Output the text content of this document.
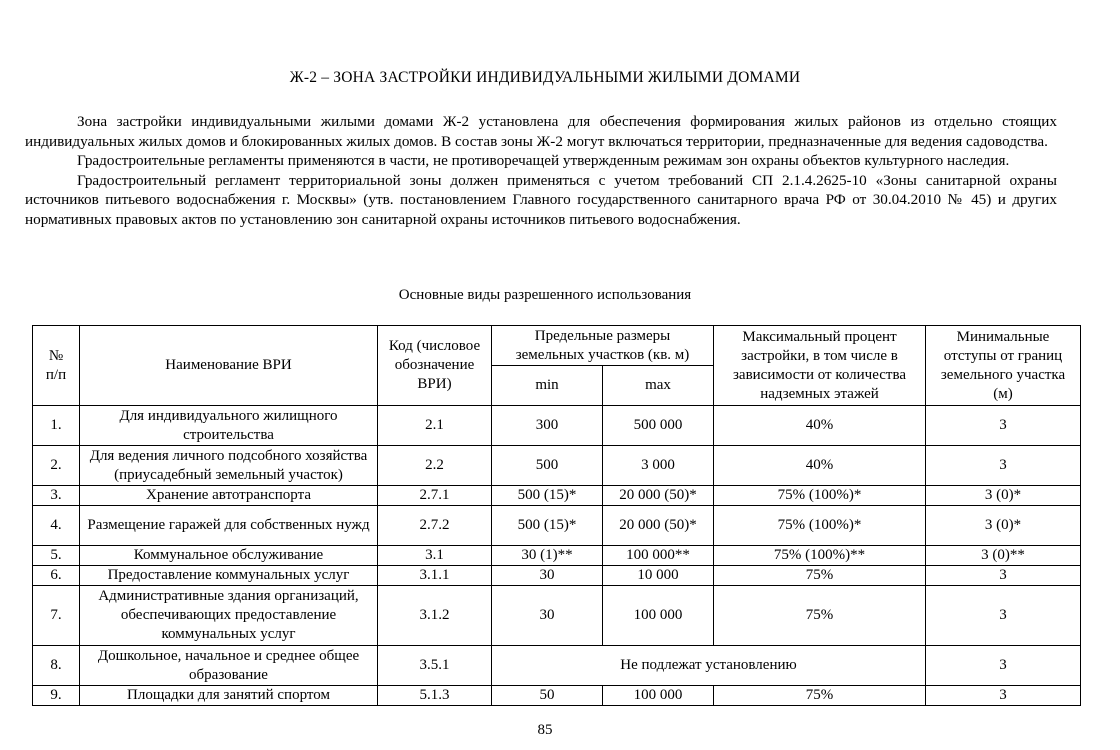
Ж-2 – ЗОНА ЗАСТРОЙКИ ИНДИВИДУАЛЬНЫМИ ЖИЛЫМИ ДОМАМИ

Зона застройки индивидуальными жилыми домами Ж-2 установлена для обеспечения формирования жилых районов из отдельно стоящих индивидуальных жилых домов и блокированных жилых домов. В состав зоны Ж-2 могут включаться территории, предназначенные для ведения садоводства.

Градостроительные регламенты применяются в части, не противоречащей утвержденным режимам зон охраны объектов культурного наследия.

Градостроительный регламент территориальной зоны должен применяться с учетом требований СП 2.1.4.2625-10 «Зоны санитарной охраны источников питьевого водоснабжения г. Москвы» (утв. постановлением Главного государственного санитарного врача РФ от 30.04.2010 № 45) и других нормативных правовых актов по установлению зон санитарной охраны источников питьевого водоснабжения.

Основные виды разрешенного использования
№ п/п	Наименование ВРИ	Код (числовое обозначение ВРИ)	Предельные размеры земельных участков (кв. м)		Максимальный процент застройки, в том числе в зависимости от количества надземных этажей	Минимальные отступы от границ земельного участка (м)
			min	max		
1.	Для индивидуального жилищного строительства	2.1	300	500 000	40%	3
2.	Для ведения личного подсобного хозяйства (приусадебный земельный участок)	2.2	500	3 000	40%	3
3.	Хранение автотранспорта	2.7.1	500 (15)*	20 000 (50)*	75% (100%)*	3 (0)*
4.	Размещение гаражей для собственных нужд	2.7.2	500 (15)*	20 000 (50)*	75% (100%)*	3 (0)*
5.	Коммунальное обслуживание	3.1	30 (1)**	100 000**	75% (100%)**	3 (0)**
6.	Предоставление коммунальных услуг	3.1.1	30	10 000	75%	3
7.	Административные здания организаций, обеспечивающих предоставление коммунальных услуг	3.1.2	30	100 000	75%	3
8.	Дошкольное, начальное и среднее общее образование	3.5.1	Не подлежат установлению			3
9.	Площадки для занятий спортом	5.1.3	50	100 000	75%	3
85
